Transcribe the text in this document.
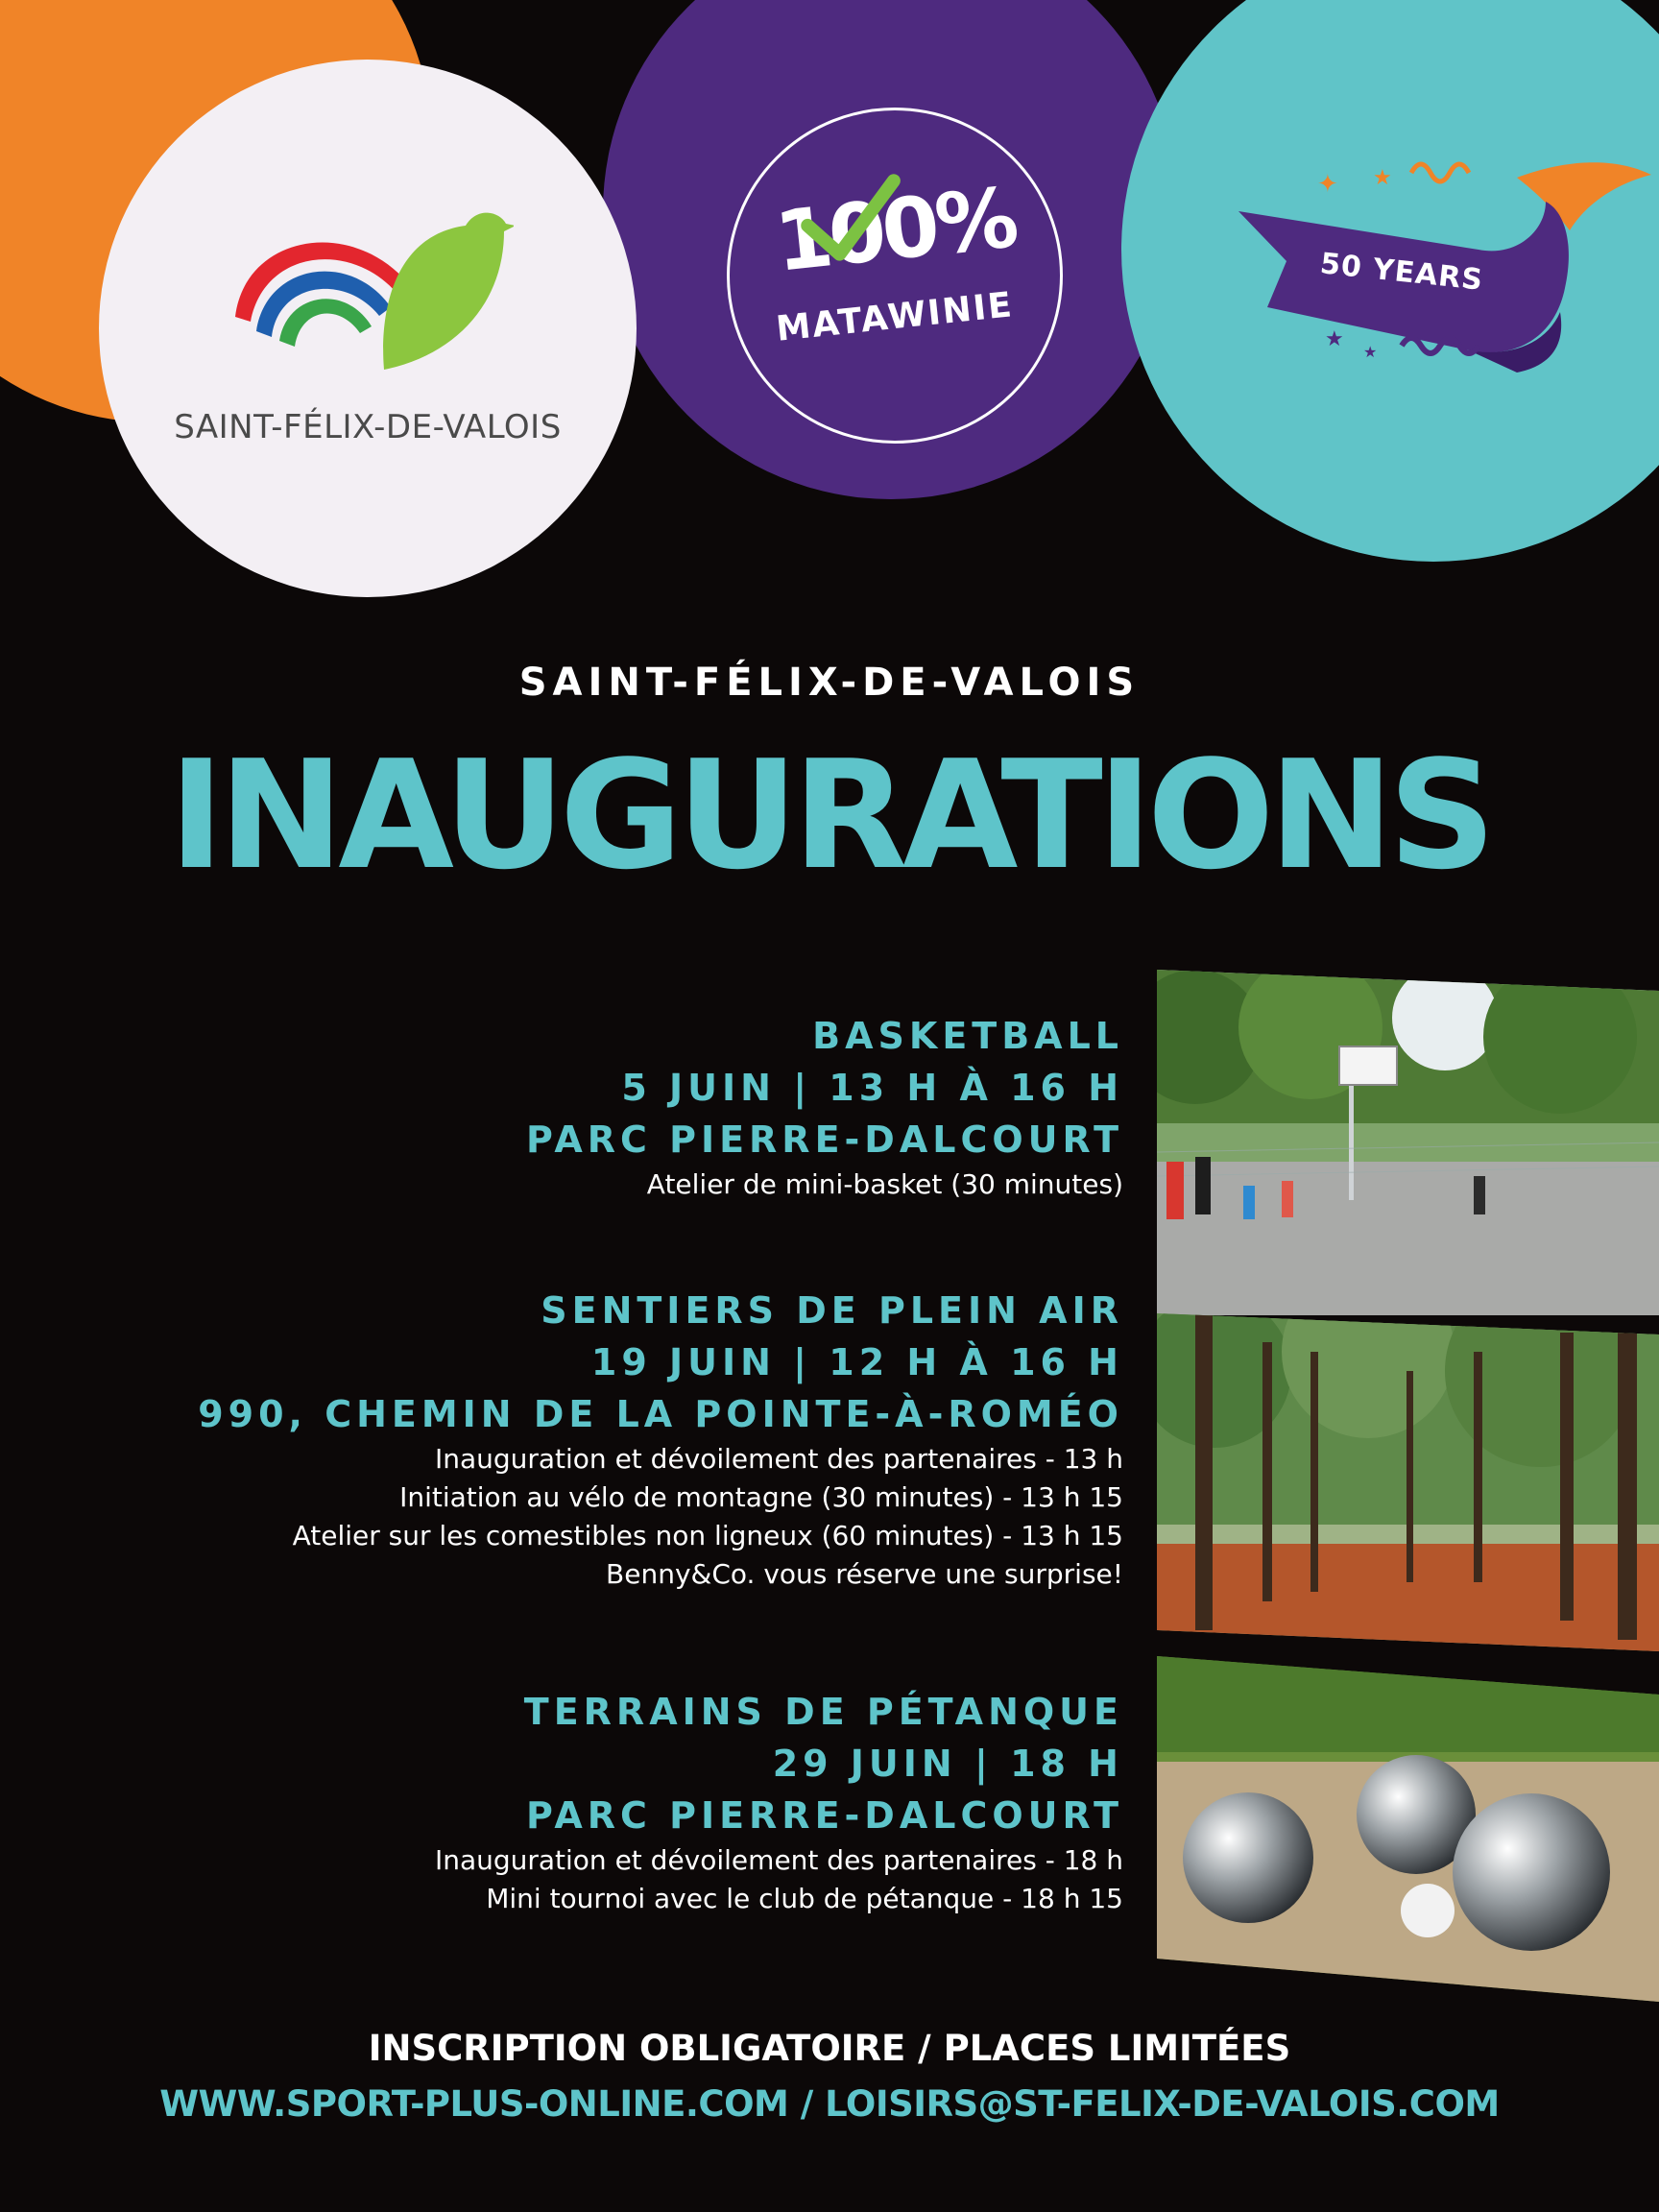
SAINT-FÉLIX-DE-VALOIS
100%
MATAWINIE
✦ ★
★
★
50 YEARS
SAINT-FÉLIX-DE-VALOIS
INAUGURATIONS
BASKETBALL
5 JUIN | 13 H À 16 H
PARC PIERRE-DALCOURT
Atelier de mini-basket (30 minutes)
SENTIERS DE PLEIN AIR
19 JUIN | 12 H À 16 H
990, CHEMIN DE LA POINTE-À-ROMÉO
Inauguration et dévoilement des partenaires - 13 h
Initiation au vélo de montagne (30 minutes) - 13 h 15
Atelier sur les comestibles non ligneux (60 minutes) - 13 h 15
Benny&Co. vous réserve une surprise!
TERRAINS DE PÉTANQUE
29 JUIN | 18 H
PARC PIERRE-DALCOURT
Inauguration et dévoilement des partenaires - 18 h
Mini tournoi avec le club de pétanque - 18 h 15
INSCRIPTION OBLIGATOIRE / PLACES LIMITÉES
WWW.SPORT-PLUS-ONLINE.COM / LOISIRS@ST-FELIX-DE-VALOIS.COM
